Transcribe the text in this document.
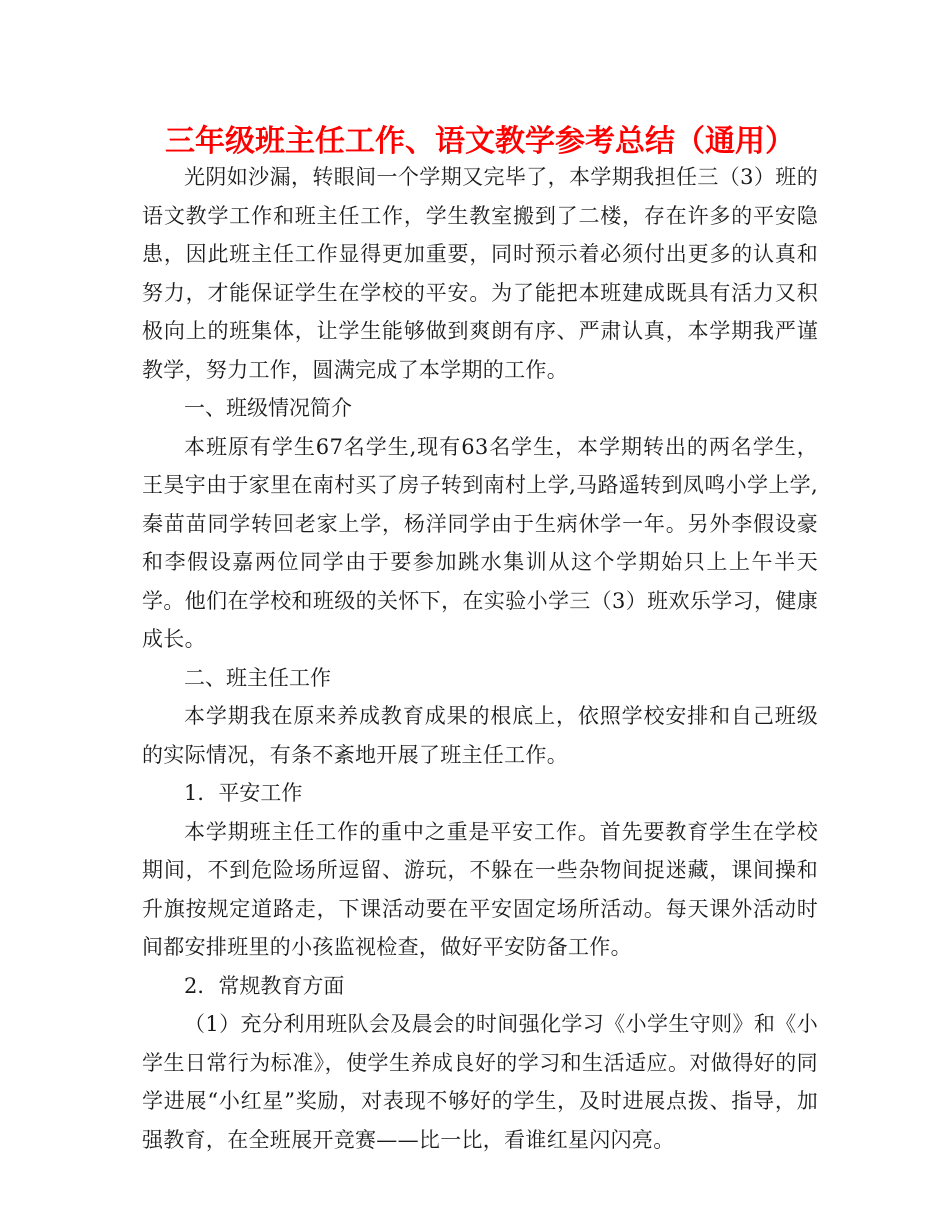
三年级班主任工作、语文教学参考总结（通用）

光阴如沙漏，转眼间一个学期又完毕了，本学期我担任三（3）班的语文教学工作和班主任工作，学生教室搬到了二楼，存在许多的平安隐患，因此班主任工作显得更加重要，同时预示着必须付出更多的认真和努力，才能保证学生在学校的平安。为了能把本班建成既具有活力又积极向上的班集体，让学生能够做到爽朗有序、严肃认真，本学期我严谨教学，努力工作，圆满完成了本学期的工作。

一、班级情况简介

本班原有学生67名学生,现有63名学生，本学期转出的两名学生，王昊宇由于家里在南村买了房子转到南村上学,马路遥转到凤鸣小学上学,秦苗苗同学转回老家上学，杨洋同学由于生病休学一年。另外李假设豪和李假设嘉两位同学由于要参加跳水集训从这个学期始只上上午半天学。他们在学校和班级的关怀下，在实验小学三（3）班欢乐学习，健康成长。

二、班主任工作

本学期我在原来养成教育成果的根底上，依照学校安排和自己班级的实际情况，有条不紊地开展了班主任工作。

1．平安工作

本学期班主任工作的重中之重是平安工作。首先要教育学生在学校期间，不到危险场所逗留、游玩，不躲在一些杂物间捉迷藏，课间操和升旗按规定道路走，下课活动要在平安固定场所活动。每天课外活动时间都安排班里的小孩监视检查，做好平安防备工作。

2．常规教育方面

（1）充分利用班队会及晨会的时间强化学习《小学生守则》和《小学生日常行为标准》，使学生养成良好的学习和生活适应。对做得好的同学进展“小红星”奖励，对表现不够好的学生，及时进展点拨、指导，加强教育，在全班展开竞赛——比一比，看谁红星闪闪亮。
